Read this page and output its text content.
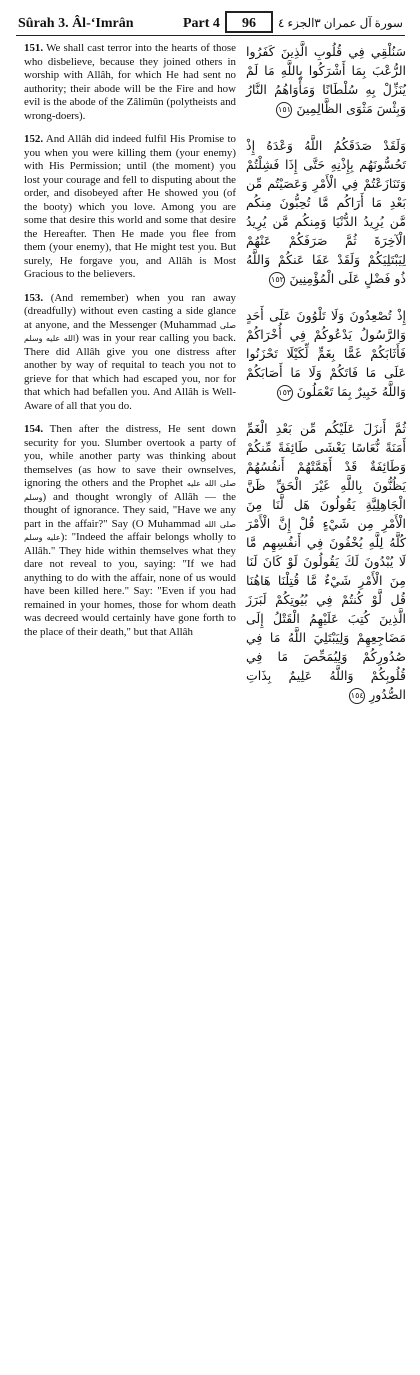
Sûrah 3. Âl-‘Imrân	Part 4	96	الجزء ٤ سورة آل عمران ٣

151. We shall cast terror into the hearts of those who disbelieve, because they joined others in worship with Allâh, for which He had sent no authority; their abode will be the Fire and how evil is the abode of the Zâlimûn (polytheists and wrong-doers).

152. And Allâh did indeed fulfil His Promise to you when you were killing them (your enemy) with His Permission; until (the moment) you lost your courage and fell to disputing about the order, and disobeyed after He showed you (of the booty) which you love. Among you are some that desire this world and some that desire the Hereafter. Then He made you flee from them (your enemy), that He might test you. But surely, He forgave you, and Allâh is Most Gracious to the believers.

153. (And remember) when you ran away (dreadfully) without even casting a side glance at anyone, and the Messenger (Muhammad صلى الله عليه وسلم) was in your rear calling you back. There did Allâh give you one distress after another by way of requital to teach you not to grieve for that which had escaped you, nor for that which had befallen you. And Allâh is Well-Aware of all that you do.

154. Then after the distress, He sent down security for you. Slumber overtook a party of you, while another party was thinking about themselves (as how to save their ownselves, ignoring the others and the Prophet صلى الله عليه وسلم) and thought wrongly of Allâh — the thought of ignorance. They said, "Have we any part in the affair?" Say (O Muhammad صلى الله عليه وسلم): "Indeed the affair belongs wholly to Allâh." They hide within themselves what they dare not reveal to you, saying: "If we had anything to do with the affair, none of us would have been killed here." Say: "Even if you had remained in your homes, those for whom death was decreed would certainly have gone forth to the place of their death," but that Allâh

سَنُلْقِي فِي قُلُوبِ الَّذِينَ كَفَرُوا الرُّعْبَ بِمَا أَشْرَكُوا بِاللَّهِ مَا لَمْ يُنَزِّلْ بِهِ سُلْطَانًا وَمَأْوَاهُمُ النَّارُ وَبِئْسَ مَثْوَى الظَّالِمِينَ ١٥١

وَلَقَدْ صَدَقَكُمُ اللَّهُ وَعْدَهُ إِذْ تَحُسُّونَهُم بِإِذْنِهِ حَتَّى إِذَا فَشِلْتُمْ وَتَنَازَعْتُمْ فِي الْأَمْرِ وَعَصَيْتُم مِّن بَعْدِ مَا أَرَاكُم مَّا تُحِبُّونَ مِنكُم مَّن يُرِيدُ الدُّنْيَا وَمِنكُم مَّن يُرِيدُ الْآخِرَةَ ثُمَّ صَرَفَكُمْ عَنْهُمْ لِيَبْتَلِيَكُمْ وَلَقَدْ عَفَا عَنكُمْ وَاللَّهُ ذُو فَضْلٍ عَلَى الْمُؤْمِنِينَ ١٥٢

إِذْ تُصْعِدُونَ وَلَا تَلْوُونَ عَلَى أَحَدٍ وَالرَّسُولُ يَدْعُوكُمْ فِي أُخْرَاكُمْ فَأَثَابَكُمْ غَمًّا بِغَمٍّ لِّكَيْلَا تَحْزَنُوا عَلَى مَا فَاتَكُمْ وَلَا مَا أَصَابَكُمْ وَاللَّهُ خَبِيرٌ بِمَا تَعْمَلُونَ ١٥٣

ثُمَّ أَنزَلَ عَلَيْكُم مِّن بَعْدِ الْغَمِّ أَمَنَةً نُّعَاسًا يَغْشَى طَائِفَةً مِّنكُمْ وَطَائِفَةٌ قَدْ أَهَمَّتْهُمْ أَنفُسُهُمْ يَظُنُّونَ بِاللَّهِ غَيْرَ الْحَقِّ ظَنَّ الْجَاهِلِيَّةِ يَقُولُونَ هَل لَّنَا مِنَ الْأَمْرِ مِن شَيْءٍ قُلْ إِنَّ الْأَمْرَ كُلَّهُ لِلَّهِ يُخْفُونَ فِي أَنفُسِهِم مَّا لَا يُبْدُونَ لَكَ يَقُولُونَ لَوْ كَانَ لَنَا مِنَ الْأَمْرِ شَيْءٌ مَّا قُتِلْنَا هَاهُنَا قُل لَّوْ كُنتُمْ فِي بُيُوتِكُمْ لَبَرَزَ الَّذِينَ كُتِبَ عَلَيْهِمُ الْقَتْلُ إِلَى مَضَاجِعِهِمْ وَلِيَبْتَلِيَ اللَّهُ مَا فِي صُدُورِكُمْ وَلِيُمَحِّصَ مَا فِي قُلُوبِكُمْ وَاللَّهُ عَلِيمٌ بِذَاتِ الصُّدُورِ ١٥٤
